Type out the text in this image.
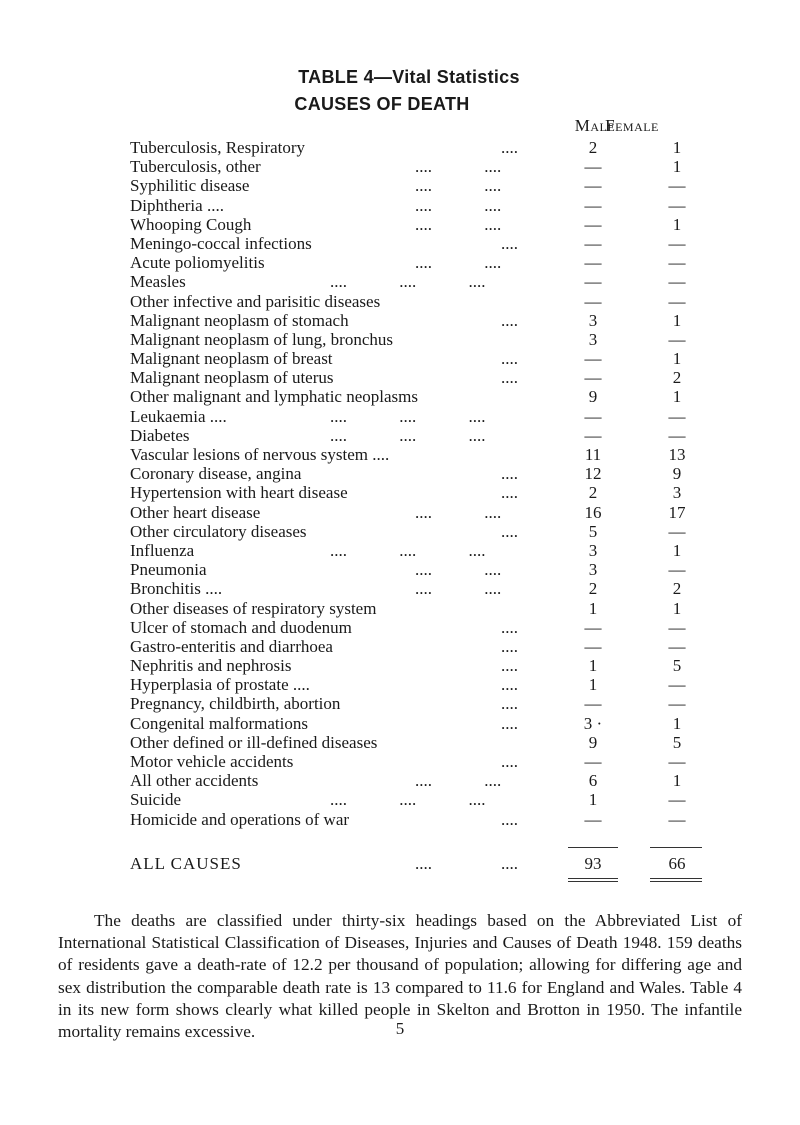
TABLE 4—Vital Statistics
CAUSES OF DEATH
Male
Female
Tuberculosis, Respiratory	....	2	1
Tuberculosis, other	.... ....	—	1
Syphilitic disease	.... ....	—	—
Diphtheria ....	.... ....	—	—
Whooping Cough	.... ....	—	1
Meningo-coccal infections	....	—	—
Acute poliomyelitis	.... ....	—	—
Measles	.... .... ....	—	—
Other infective and parisitic diseases	—	—
Malignant neoplasm of stomach	....	3	1
Malignant neoplasm of lung, bronchus	3	—
Malignant neoplasm of breast	....	—	1
Malignant neoplasm of uterus	....	—	2
Other malignant and lymphatic neoplasms	9	1
Leukaemia ....	.... .... ....	—	—
Diabetes	.... .... ....	—	—
Vascular lesions of nervous system ....	11	13
Coronary disease, angina	....	12	9
Hypertension with heart disease	....	2	3
Other heart disease	.... ....	16	17
Other circulatory diseases	....	5	—
Influenza	.... .... ....	3	1
Pneumonia	.... ....	3	—
Bronchitis ....	.... ....	2	2
Other diseases of respiratory system	1	1
Ulcer of stomach and duodenum	....	—	—
Gastro-enteritis and diarrhoea	....	—	—
Nephritis and nephrosis	....	1	5
Hyperplasia of prostate ....	....	1	—
Pregnancy, childbirth, abortion	....	—	—
Congenital malformations	....	3 ·	1
Other defined or ill-defined diseases	9	5
Motor vehicle accidents	....	—	—
All other accidents	.... ....	6	1
Suicide	.... .... ....	1	—
Homicide and operations of war	....	—	—
ALL CAUSES	....	....	93	66
The deaths are classified under thirty-six headings based on the Abbreviated List of International Statistical Classification of Diseases, Injuries and Causes of Death 1948. 159 deaths of residents gave a death-rate of 12.2 per thousand of population; allowing for differing age and sex distribution the comparable death rate is 13 compared to 11.6 for England and Wales. Table 4 in its new form shows clearly what killed people in Skelton and Brotton in 1950. The infantile mortality remains excessive.	5
